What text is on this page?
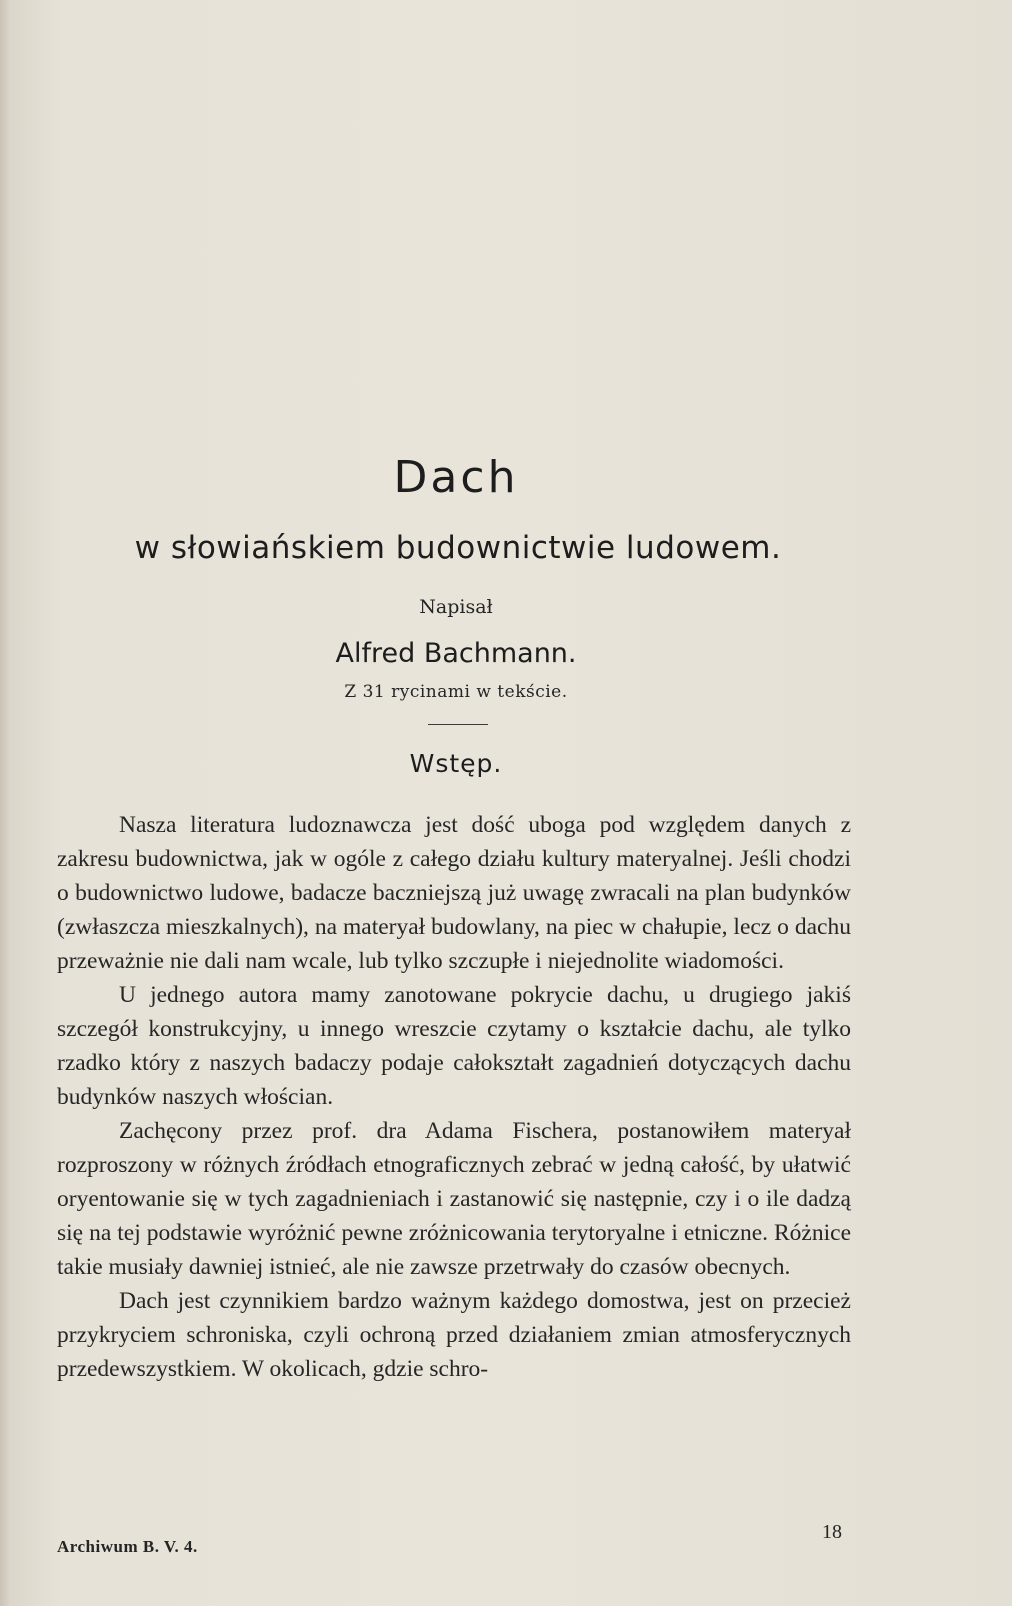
Dach
w słowiańskiem budownictwie ludowem.
Napisał
Alfred Bachmann.
Z 31 rycinami w tekście.
Wstęp.

Nasza literatura ludoznawcza jest dość uboga pod względem danych z zakresu budownictwa, jak w ogóle z całego działu kultury materyalnej. Jeśli chodzi o budownictwo ludowe, badacze baczniejszą już uwagę zwracali na plan budynków (zwłaszcza mieszkalnych), na materyał budowlany, na piec w chałupie, lecz o dachu przeważnie nie dali nam wcale, lub tylko szczupłe i niejednolite wiadomości.

U jednego autora mamy zanotowane pokrycie dachu, u drugiego jakiś szczegół konstrukcyjny, u innego wreszcie czytamy o kształcie dachu, ale tylko rzadko który z naszych badaczy podaje całokształt zagadnień dotyczących dachu budynków naszych włościan.

Zachęcony przez prof. dra Adama Fischera, postanowiłem materyał rozproszony w różnych źródłach etnograficznych zebrać w jedną całość, by ułatwić oryentowanie się w tych zagadnieniach i zastanowić się następnie, czy i o ile dadzą się na tej podstawie wyróżnić pewne zróżnicowania terytoryalne i etniczne. Różnice takie musiały dawniej istnieć, ale nie zawsze przetrwały do czasów obecnych.

Dach jest czynnikiem bardzo ważnym każdego domostwa, jest on przecież przykryciem schroniska, czyli ochroną przed działaniem zmian atmosferycznych przedewszystkiem. W okolicach, gdzie schro-

Archiwum B. V. 4.
18
